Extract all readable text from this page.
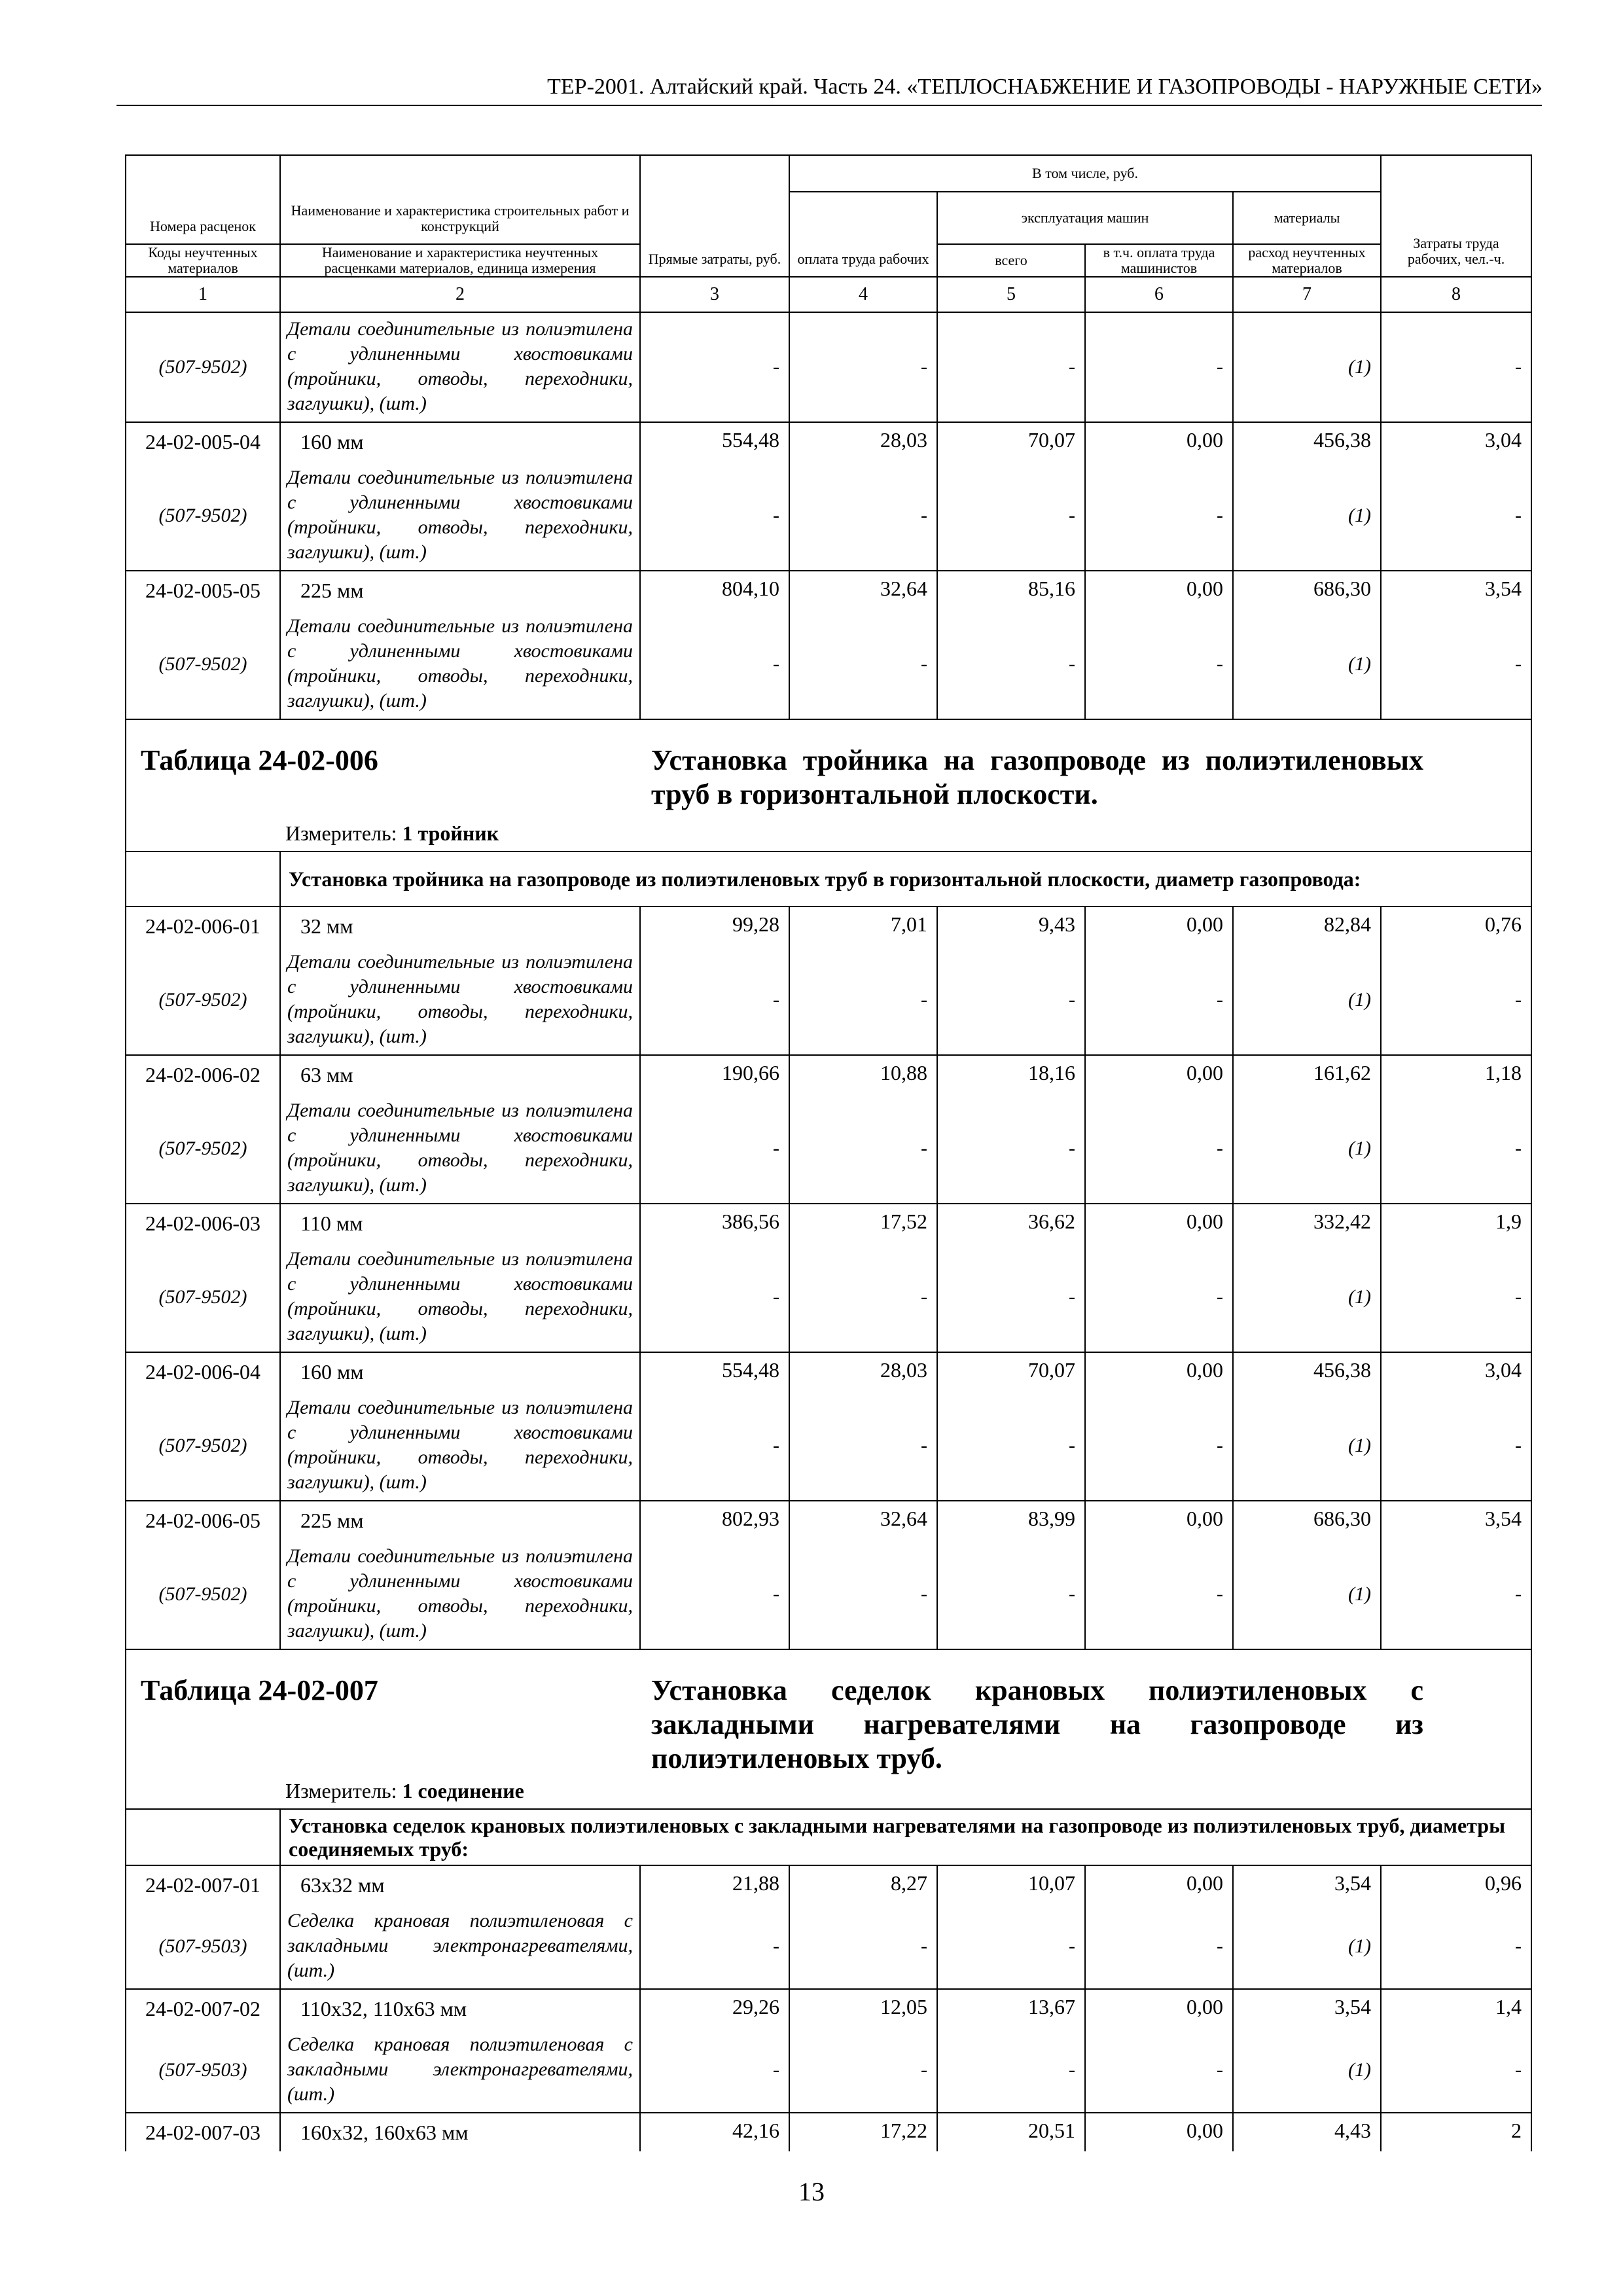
ТЕР-2001. Алтайский край. Часть 24. «ТЕПЛОСНАБЖЕНИЕ И ГАЗОПРОВОДЫ - НАРУЖНЫЕ СЕТИ»
Номера расценок	Наименование и характеристика строительных работ и конструкций	Прямые затраты, руб.	В том числе, руб.				Затраты труда рабочих, чел.-ч.
			оплата труда рабочих	эксплуатация машин		материалы	
Коды неучтенных материалов	Наименование и характеристика неучтенных расценками материалов, единица измерения			всего	в т.ч. оплата труда машинистов	расход неучтенных материалов	

1	2	3	4	5	6	7	8
(507-9502)	Детали соединительные из полиэтилена с удлиненными хвостовиками (тройники, отводы, переходники, заглушки), (шт.)	-	-	-	-	(1)	-
24-02-005-04	160 мм	554,48	28,03	70,07	0,00	456,38	3,04
(507-9502)	Детали соединительные из полиэтилена с удлиненными хвостовиками (тройники, отводы, переходники, заглушки), (шт.)	-	-	-	-	(1)	-
24-02-005-05	225 мм	804,10	32,64	85,16	0,00	686,30	3,54
(507-9502)	Детали соединительные из полиэтилена с удлиненными хвостовиками (тройники, отводы, переходники, заглушки), (шт.)	-	-	-	-	(1)	-

Таблица 24-02-006 Установка тройника на газопроводе из полиэтиленовых труб в горизонтальной плоскости.
Измеритель: 1 тройник							

	Установка тройника на газопроводе из полиэтиленовых труб в горизонтальной плоскости, диаметр газопровода:						
24-02-006-01	32 мм	99,28	7,01	9,43	0,00	82,84	0,76
(507-9502)	Детали соединительные из полиэтилена с удлиненными хвостовиками (тройники, отводы, переходники, заглушки), (шт.)	-	-	-	-	(1)	-
24-02-006-02	63 мм	190,66	10,88	18,16	0,00	161,62	1,18
(507-9502)	Детали соединительные из полиэтилена с удлиненными хвостовиками (тройники, отводы, переходники, заглушки), (шт.)	-	-	-	-	(1)	-
24-02-006-03	110 мм	386,56	17,52	36,62	0,00	332,42	1,9
(507-9502)	Детали соединительные из полиэтилена с удлиненными хвостовиками (тройники, отводы, переходники, заглушки), (шт.)	-	-	-	-	(1)	-
24-02-006-04	160 мм	554,48	28,03	70,07	0,00	456,38	3,04
(507-9502)	Детали соединительные из полиэтилена с удлиненными хвостовиками (тройники, отводы, переходники, заглушки), (шт.)	-	-	-	-	(1)	-
24-02-006-05	225 мм	802,93	32,64	83,99	0,00	686,30	3,54
(507-9502)	Детали соединительные из полиэтилена с удлиненными хвостовиками (тройники, отводы, переходники, заглушки), (шт.)	-	-	-	-	(1)	-

Таблица 24-02-007 Установка седелок крановых полиэтиленовых с закладными нагревателями на газопроводе из полиэтиленовых труб.
Измеритель: 1 соединение							

	Установка седелок крановых полиэтиленовых с закладными нагревателями на газопроводе из полиэтиленовых труб, диаметры соединяемых труб:						
24-02-007-01	63х32 мм	21,88	8,27	10,07	0,00	3,54	0,96
(507-9503)	Седелка крановая полиэтиленовая с закладными электронагревателями, (шт.)	-	-	-	-	(1)	-
24-02-007-02	110х32, 110х63 мм	29,26	12,05	13,67	0,00	3,54	1,4
(507-9503)	Седелка крановая полиэтиленовая с закладными электронагревателями, (шт.)	-	-	-	-	(1)	-
24-02-007-03	160х32, 160х63 мм	42,16	17,22	20,51	0,00	4,43	2
13
